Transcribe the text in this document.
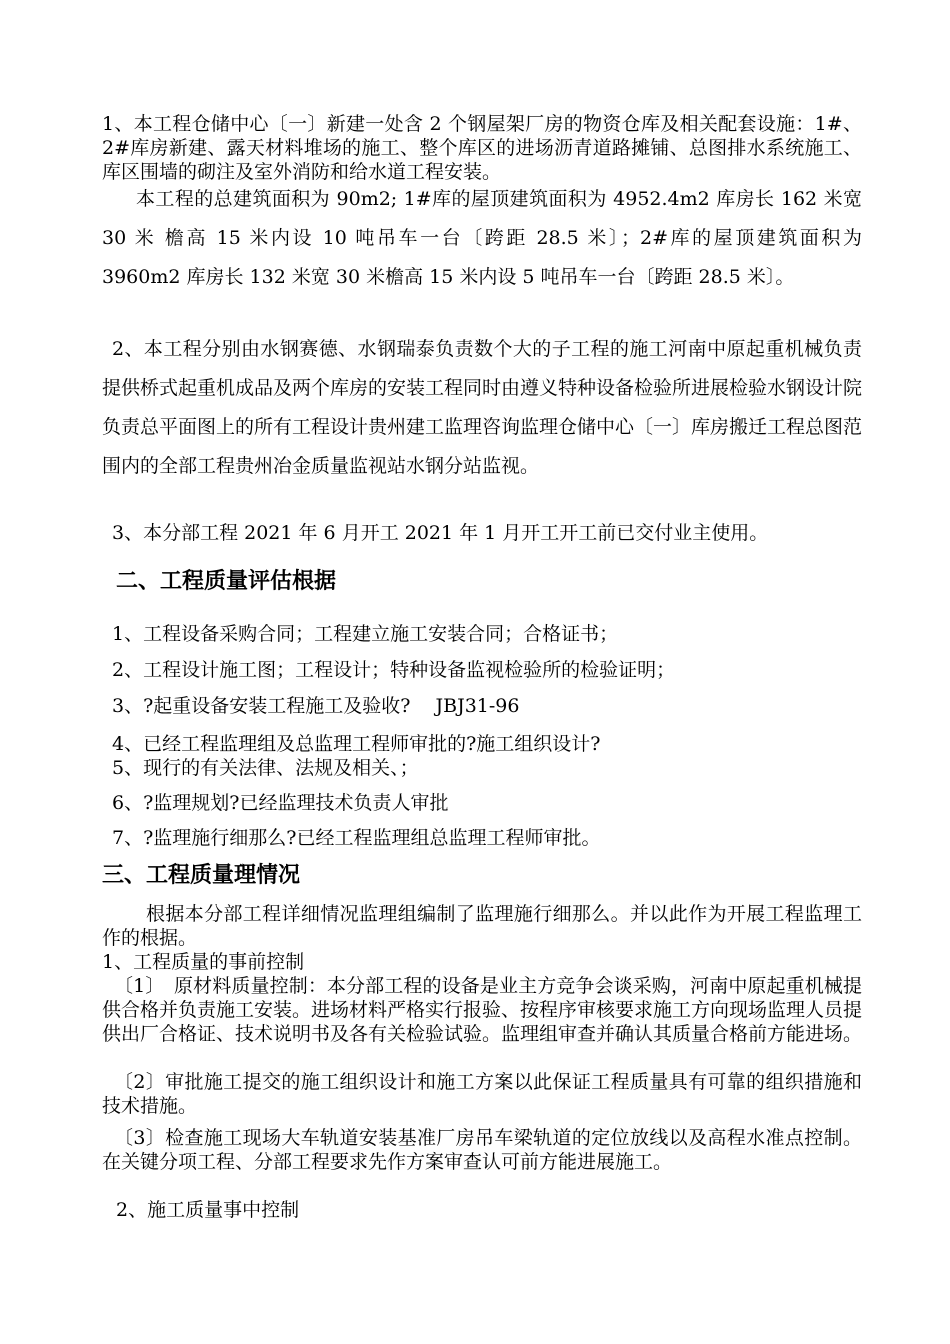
1、本工程仓储中心〔一〕新建一处含 2 个钢屋架厂房的物资仓库及相关配套设施：1#、2#库房新建、露天材料堆场的施工、整个库区的进场沥青道路摊铺、总图排水系统施工、库区围墙的砌注及室外消防和给水道工程安装。

本工程的总建筑面积为 90m2; 1#库的屋顶建筑面积为 4952.4m2 库房长 162 米宽 30 米 檐高 15 米内设 10 吨吊车一台〔跨距 28.5 米〕；2#库的屋顶建筑面积为 3960m2 库房长 132 米宽 30 米檐高 15 米内设 5 吨吊车一台〔跨距 28.5 米〕。

2、本工程分别由水钢赛德、水钢瑞泰负责数个大的子工程的施工河南中原起重机械负责提供桥式起重机成品及两个库房的安装工程同时由遵义特种设备检验所进展检验水钢设计院负责总平面图上的所有工程设计贵州建工监理咨询监理仓储中心〔一〕库房搬迁工程总图范围内的全部工程贵州冶金质量监视站水钢分站监视。

3、本分部工程 2021 年 6 月开工 2021 年 1 月开工开工前已交付业主使用。

二、工程质量评估根据

1、工程设备采购合同；工程建立施工安装合同；合格证书；

2、工程设计施工图；工程设计；特种设备监视检验所的检验证明；

3、?起重设备安装工程施工及验收?　 JBJ31-96

4、已经工程监理组及总监理工程师审批的?施工组织设计?

5、现行的有关法律、法规及相关、；

6、?监理规划?已经监理技术负责人审批

7、?监理施行细那么?已经工程监理组总监理工程师审批。

三、工程质量理情况

根据本分部工程详细情况监理组编制了监理施行细那么。并以此作为开展工程监理工作的根据。

1、工程质量的事前控制

〔1〕　原材料质量控制：本分部工程的设备是业主方竞争会谈采购，河南中原起重机械提供合格并负责施工安装。进场材料严格实行报验、按程序审核要求施工方向现场监理人员提供出厂合格证、技术说明书及各有关检验试验。监理组审查并确认其质量合格前方能进场。

〔2〕审批施工提交的施工组织设计和施工方案以此保证工程质量具有可靠的组织措施和技术措施。

〔3〕检查施工现场大车轨道安装基准厂房吊车梁轨道的定位放线以及高程水准点控制。在关键分项工程、分部工程要求先作方案审查认可前方能进展施工。

2、施工质量事中控制
